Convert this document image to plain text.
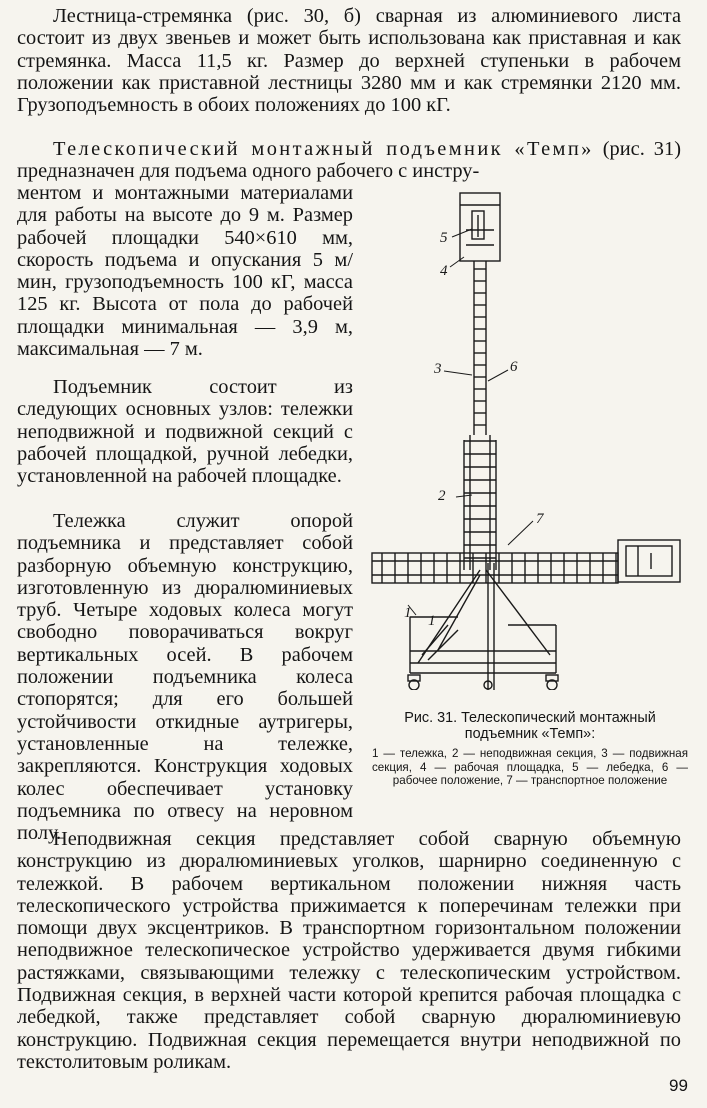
Лестница-стремянка (рис. 30, б) сварная из алюминиевого листа состоит из двух звеньев и может быть использована как приставная и как стремянка. Масса 11,5 кг. Размер до верхней ступеньки в рабочем положении как приставной лестницы 3280 мм и как стремянки 2120 мм. Грузоподъемность в обоих положениях до 100 кГ.

Телескопический монтажный подъемник «Темп» (рис. 31) предназначен для подъема одного рабочего с инстру-

ментом и монтажными материалами для работы на высоте до 9 м. Размер рабочей площадки 540×610 мм, скорость подъема и опускания 5 м/мин, грузоподъемность 100 кГ, масса 125 кг. Высота от пола до рабочей площадки минимальная — 3,9 м, максимальная — 7 м.

Подъемник состоит из следующих основных узлов: тележки неподвижной и подвижной секций с рабочей площадкой, ручной лебедки, установленной на рабочей площадке.

Тележка служит опорой подъемника и представляет собой разборную объемную конструкцию, изготовленную из дюралюминиевых труб. Четыре ходовых колеса могут свободно поворачиваться вокруг вертикальных осей. В рабочем положении подъемника колеса стопорятся; для его большей устойчивости откидные аутригеры, установленные на тележке, закрепляются. Конструкция ходовых колес обеспечивает установку подъемника по отвесу на неровном полу.

5
4
3	6
2
7
1 1
Рис. 31. Телескопический монтажный подъемник «Темп»:
1 — тележка, 2 — неподвижная секция, 3 — подвижная секция, 4 — рабочая площадка, 5 — лебедка, 6 — рабочее положение, 7 — транспортное положение

Неподвижная секция представляет собой сварную объемную конструкцию из дюралюминиевых уголков, шарнирно соединенную с тележкой. В рабочем вертикальном положении нижняя часть телескопического устройства прижимается к поперечинам тележки при помощи двух эксцентриков. В транспортном горизонтальном положении неподвижное телескопическое устройство удерживается двумя гибкими растяжками, связывающими тележку с телескопическим устройством. Подвижная секция, в верхней части которой крепится рабочая площадка с лебедкой, также представляет собой сварную дюралюминиевую конструкцию. Подвижная секция перемещается внутри неподвижной по текстолитовым роликам.

99
